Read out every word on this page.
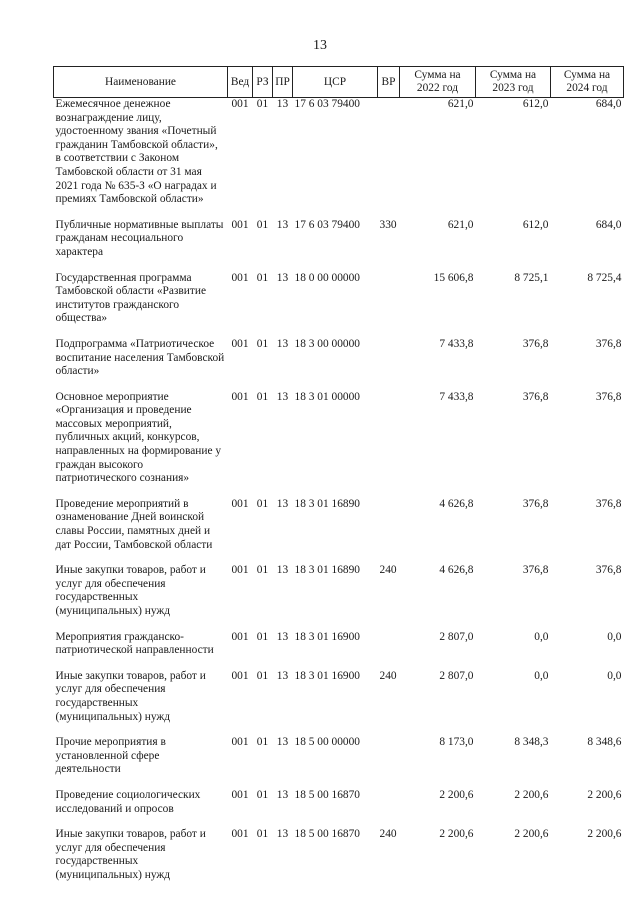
13
Наименование	Вед	РЗ	ПР	ЦСР	ВР	Сумма на 2022 год	Сумма на 2023 год	Сумма на 2024 год
Ежемесячное денежное вознаграждение лицу, удостоенному звания «Почетный гражданин Тамбовской области», в соответствии с Законом Тамбовской области от 31 мая 2021 года № 635-З «О наградах и премиях Тамбовской области»	001	01	13	17 6 03 79400		621,0	612,0	684,0
Публичные нормативные выплаты гражданам несоциального характера	001	01	13	17 6 03 79400	330	621,0	612,0	684,0
Государственная программа Тамбовской области «Развитие институтов гражданского общества»	001	01	13	18 0 00 00000		15 606,8	8 725,1	8 725,4
Подпрограмма «Патриотическое воспитание населения Тамбовской области»	001	01	13	18 3 00 00000		7 433,8	376,8	376,8
Основное мероприятие «Организация и проведение массовых мероприятий, публичных акций, конкурсов, направленных на формирование у граждан высокого патриотического сознания»	001	01	13	18 3 01 00000		7 433,8	376,8	376,8
Проведение мероприятий в ознаменование Дней воинской славы России, памятных дней и дат России, Тамбовской области	001	01	13	18 3 01 16890		4 626,8	376,8	376,8
Иные закупки товаров, работ и услуг для обеспечения государственных (муниципальных) нужд	001	01	13	18 3 01 16890	240	4 626,8	376,8	376,8
Мероприятия гражданско-патриотической направленности	001	01	13	18 3 01 16900		2 807,0	0,0	0,0
Иные закупки товаров, работ и услуг для обеспечения государственных (муниципальных) нужд	001	01	13	18 3 01 16900	240	2 807,0	0,0	0,0
Прочие мероприятия в установленной сфере деятельности	001	01	13	18 5 00 00000		8 173,0	8 348,3	8 348,6
Проведение социологических исследований и опросов	001	01	13	18 5 00 16870		2 200,6	2 200,6	2 200,6
Иные закупки товаров, работ и услуг для обеспечения государственных (муниципальных) нужд	001	01	13	18 5 00 16870	240	2 200,6	2 200,6	2 200,6
